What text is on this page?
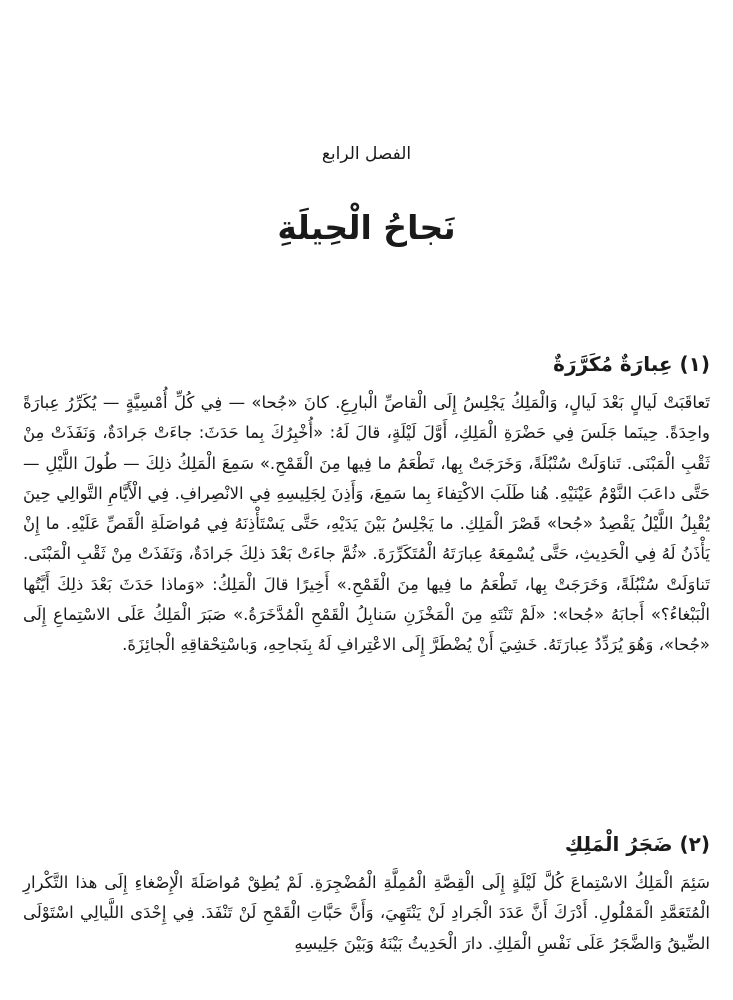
الفصل الرابع
نَجاحُ الْحِيلَةِ
(١) عِبارَةٌ مُكَرَّرَةٌ

تَعاقَبَتْ لَيالٍ بَعْدَ لَيالٍ، وَالْمَلِكُ يَجْلِسُ إِلَى الْقاصِّ الْبارِعِ. كانَ «جُحا» — فِي كُلِّ أُمْسِيَّةٍ — يُكَرِّرُ عِبارَةً واحِدَةً. حِينَما جَلَسَ فِي حَضْرَةِ الْمَلِكِ، أَوَّلَ لَيْلَةٍ، قالَ لَهُ: «أُخْبِرُكَ بِما حَدَثَ: جاءَتْ جَرادَةٌ، وَنَفَذَتْ مِنْ ثَقْبِ الْمَبْنَى. تَناوَلَتْ سُنْبُلَةً، وَخَرَجَتْ بِها، تَطْعَمُ ما فِيها مِنَ الْقَمْحِ.» سَمِعَ الْمَلِكُ ذلِكَ — طُولَ اللَّيْلِ — حَتَّى داعَبَ النَّوْمُ عَيْنَيْهِ. هُنا طَلَبَ الاكْتِفاءَ بِما سَمِعَ، وَأَذِنَ لِجَلِيسِهِ فِي الانْصِرافِ. فِي الْأَيَّامِ التَّوالِي حِينَ يُقْبِلُ اللَّيْلُ يَقْصِدُ «جُحا» قَصْرَ الْمَلِكِ. ما يَجْلِسُ بَيْنَ يَدَيْهِ، حَتَّى يَسْتَأْذِنَهُ فِي مُواصَلَةِ الْقَصِّ عَلَيْهِ. ما إِنْ يَأْذَنُ لَهُ فِي الْحَدِيثِ، حَتَّى يُسْمِعَهُ عِبارَتَهُ الْمُتَكَرِّرَةَ. «ثُمَّ جاءَتْ بَعْدَ ذلِكَ جَرادَةٌ، وَنَفَذَتْ مِنْ ثَقْبِ الْمَبْنَى. تَناوَلَتْ سُنْبُلَةً، وَخَرَجَتْ بِها، تَطْعَمُ ما فِيها مِنَ الْقَمْحِ.» أَخِيرًا قالَ الْمَلِكُ: «وَماذا حَدَثَ بَعْدَ ذلِكَ أَيَّتُها الْبَبْغاءُ؟» أَجابَهُ «جُحا»: «لَمْ تَنْتَهِ مِنَ الْمَخْزَنِ سَنابِلُ الْقَمْحِ الْمُدَّخَرَةُ.» صَبَرَ الْمَلِكُ عَلَى الاسْتِماعِ إِلَى «جُحا»، وَهُوَ يُرَدِّدُ عِبارَتَهُ. خَشِيَ أَنْ يُضْطَرَّ إِلَى الاعْتِرافِ لَهُ بِنَجاحِهِ، وَباسْتِحْقاقِهِ الْجائِزَةَ.

(٢) ضَجَرُ الْمَلِكِ

سَئِمَ الْمَلِكُ الاسْتِماعَ كُلَّ لَيْلَةٍ إِلَى الْقِصَّةِ الْمُمِلَّةِ الْمُضْجِرَةِ. لَمْ يُطِقْ مُواصَلَةَ الْإِصْغاءِ إِلَى هذا التَّكْرارِ الْمُتَعَمَّدِ الْمَمْلُولِ. أَدْرَكَ أَنَّ عَدَدَ الْجَرادِ لَنْ يَنْتَهِيَ، وَأَنَّ حَبَّاتِ الْقَمْحِ لَنْ تَنْفَدَ. فِي إِحْدَى اللَّيالِي اسْتَوْلَى الضِّيقُ وَالضَّجَرُ عَلَى نَفْسِ الْمَلِكِ. دارَ الْحَدِيثُ بَيْنَهُ وَبَيْنَ جَلِيسِهِ
